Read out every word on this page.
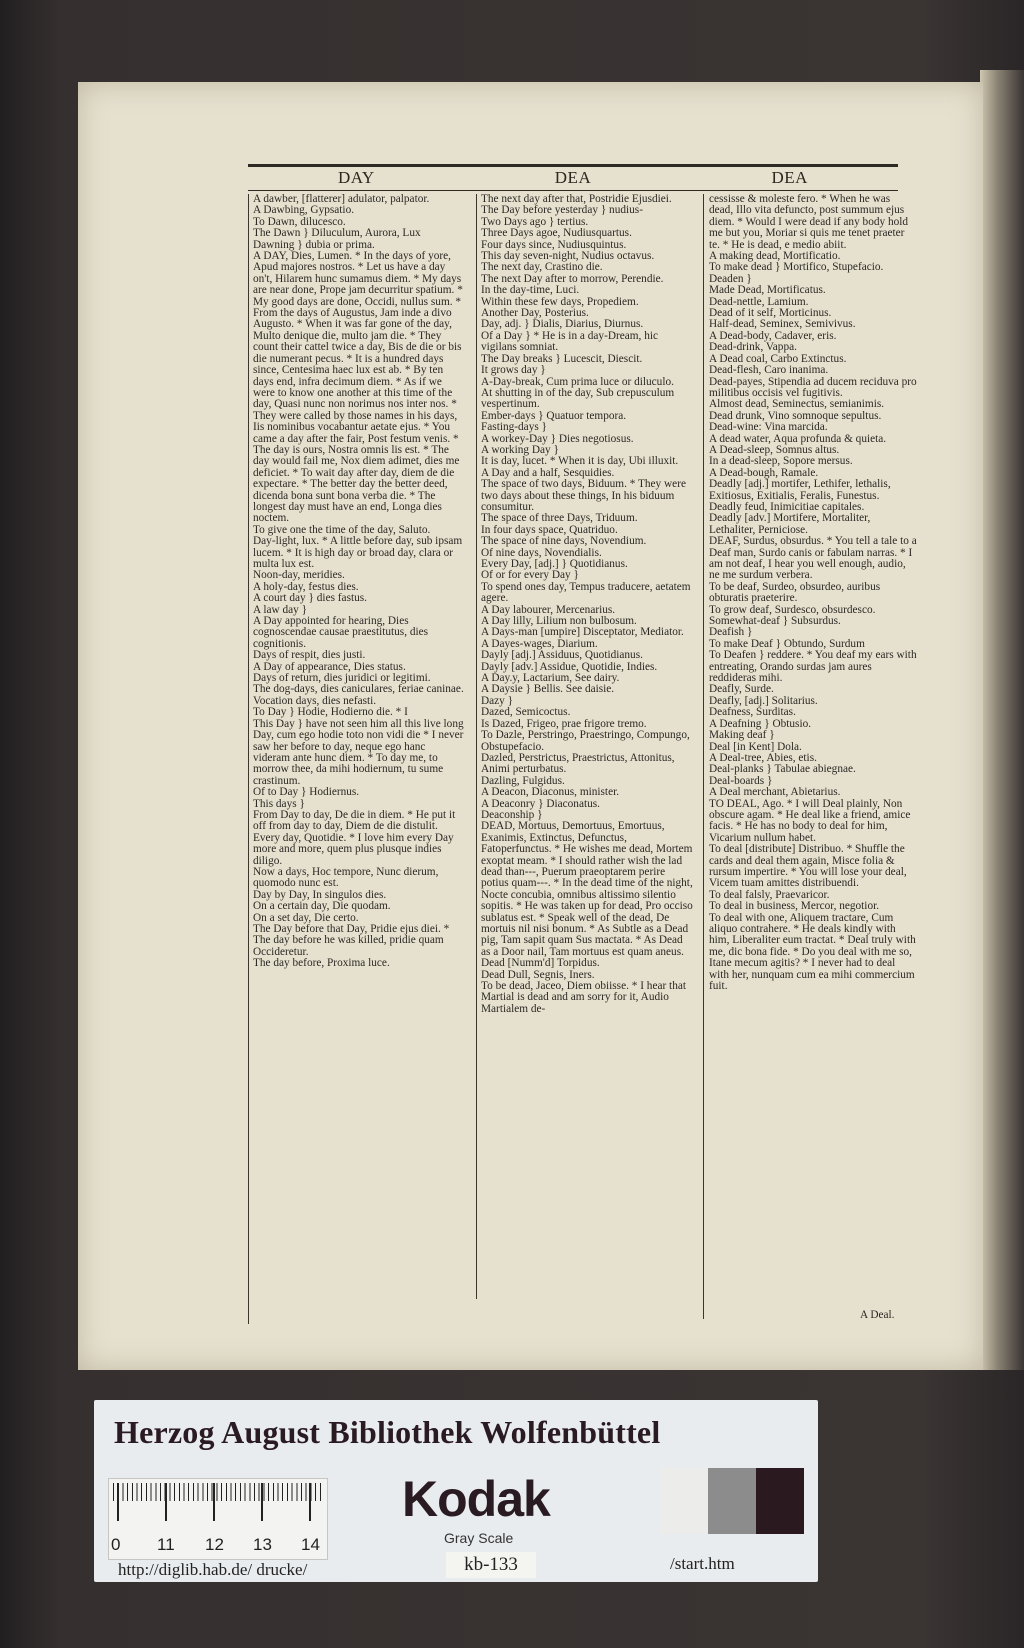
DAY	DEA	DEA

A dawber, [flatterer] adulator, palpator.

A Dawbing, Gypsatio.

To Dawn, dilucesco.

The Dawn } Diluculum, Aurora, Lux

Dawning } dubia or prima.

A DAY, Dies, Lumen. * In the days of yore, Apud majores nostros. * Let us have a day on't, Hilarem hunc sumamus diem. * My days are near done, Prope jam decurritur spatium. * My good days are done, Occidi, nullus sum. * From the days of Augustus, Jam inde a divo Augusto. * When it was far gone of the day, Multo denique die, multo jam die. * They count their cattel twice a day, Bis de die or bis die numerant pecus. * It is a hundred days since, Centesima haec lux est ab. * By ten days end, infra decimum diem. * As if we were to know one another at this time of the day, Quasi nunc non norimus nos inter nos. * They were called by those names in his days, Iis nominibus vocabantur aetate ejus. * You came a day after the fair, Post festum venis. * The day is ours, Nostra omnis lis est. * The day would fail me, Nox diem adimet, dies me deficiet. * To wait day after day, diem de die expectare. * The better day the better deed, dicenda bona sunt bona verba die. * The longest day must have an end, Longa dies noctem.

To give one the time of the day, Saluto.

Day-light, lux. * A little before day, sub ipsam lucem. * It is high day or broad day, clara or multa lux est.

Noon-day, meridies.

A holy-day, festus dies.

A court day } dies fastus.

A law day }

A Day appointed for hearing, Dies cognoscendae causae praestitutus, dies cognitionis.

Days of respit, dies justi.

A Day of appearance, Dies status.

Days of return, dies juridici or legitimi.

The dog-days, dies caniculares, feriae caninae.

Vocation days, dies nefasti.

To Day } Hodie, Hodierno die. * I

This Day } have not seen him all this live long Day, cum ego hodie toto non vidi die * I never saw her before to day, neque ego hanc videram ante hunc diem. * To day me, to morrow thee, da mihi hodiernum, tu sume crastinum.

Of to Day } Hodiernus.

This days }

From Day to day, De die in diem. * He put it off from day to day, Diem de die distulit.

Every day, Quotidie. * I love him every Day more and more, quem plus plusque indies diligo.

Now a days, Hoc tempore, Nunc dierum, quomodo nunc est.

Day by Day, In singulos dies.

On a certain day, Die quodam.

On a set day, Die certo.

The Day before that Day, Pridie ejus diei. * The day before he was killed, pridie quam Occideretur.

The day before, Proxima luce.

The next day after that, Postridie Ejusdiei.

The Day before yesterday } nudius-

Two Days ago } tertius.

Three Days agoe, Nudiusquartus.

Four days since, Nudiusquintus.

This day seven-night, Nudius octavus.

The next day, Crastino die.

The next Day after to morrow, Perendie.

In the day-time, Luci.

Within these few days, Propediem.

Another Day, Posterius.

Day, adj. } Dialis, Diarius, Diurnus.

Of a Day } * He is in a day-Dream, hic vigilans somniat.

The Day breaks } Lucescit, Diescit.

It grows day }

A-Day-break, Cum prima luce or diluculo.

At shutting in of the day, Sub crepusculum vespertinum.

Ember-days } Quatuor tempora.

Fasting-days }

A workey-Day } Dies negotiosus.

A working Day }

It is day, lucet. * When it is day, Ubi illuxit.

A Day and a half, Sesquidies.

The space of two days, Biduum. * They were two days about these things, In his biduum consumitur.

The space of three Days, Triduum.

In four days space, Quatriduo.

The space of nine days, Novendium.

Of nine days, Novendialis.

Every Day, [adj.] } Quotidianus.

Of or for every Day }

To spend ones day, Tempus traducere, aetatem agere.

A Day labourer, Mercenarius.

A Day lilly, Lilium non bulbosum.

A Days-man [umpire] Disceptator, Mediator.

A Dayes-wages, Diarium.

Dayly [adj.] Assiduus, Quotidianus.

Dayly [adv.] Assidue, Quotidie, Indies.

A Day.y, Lactarium, See dairy.

A Daysie } Bellis. See daisie.

Dazy }

Dazed, Semicoctus.

Is Dazed, Frigeo, prae frigore tremo.

To Dazle, Perstringo, Praestringo, Compungo, Obstupefacio.

Dazled, Perstrictus, Praestrictus, Attonitus, Animi perturbatus.

Dazling, Fulgidus.

A Deacon, Diaconus, minister.

A Deaconry } Diaconatus.

Deaconship }

DEAD, Mortuus, Demortuus, Emortuus, Exanimis, Extinctus, Defunctus, Fatoperfunctus. * He wishes me dead, Mortem exoptat meam. * I should rather wish the lad dead than---, Puerum praeoptarem perire potius quam---. * In the dead time of the night, Nocte concubia, omnibus altissimo silentio sopitis. * He was taken up for dead, Pro occiso sublatus est. * Speak well of the dead, De mortuis nil nisi bonum. * As Subtle as a Dead pig, Tam sapit quam Sus mactata. * As Dead as a Door nail, Tam mortuus est quam aneus.

Dead [Numm'd] Torpidus.

Dead Dull, Segnis, Iners.

To be dead, Jaceo, Diem obiisse. * I hear that Martial is dead and am sorry for it, Audio Martialem de-

cessisse & moleste fero. * When he was dead, Illo vita defuncto, post summum ejus diem. * Would I were dead if any body hold me but you, Moriar si quis me tenet praeter te. * He is dead, e medio abiit.

A making dead, Mortificatio.

To make dead } Mortifico, Stupefacio.

Deaden }

Made Dead, Mortificatus.

Dead-nettle, Lamium.

Dead of it self, Morticinus.

Half-dead, Seminex, Semivivus.

A Dead-body, Cadaver, eris.

Dead-drink, Vappa.

A Dead coal, Carbo Extinctus.

Dead-flesh, Caro inanima.

Dead-payes, Stipendia ad ducem reciduva pro militibus occisis vel fugitivis.

Almost dead, Seminectus, semianimis.

Dead drunk, Vino somnoque sepultus.

Dead-wine: Vina marcida.

A dead water, Aqua profunda & quieta.

A Dead-sleep, Somnus altus.

In a dead-sleep, Sopore mersus.

A Dead-bough, Ramale.

Deadly [adj.] mortifer, Lethifer, lethalis, Exitiosus, Exitialis, Feralis, Funestus.

Deadly feud, Inimicitiae capitales.

Deadly [adv.] Mortifere, Mortaliter, Lethaliter, Perniciose.

DEAF, Surdus, obsurdus. * You tell a tale to a Deaf man, Surdo canis or fabulam narras. * I am not deaf, I hear you well enough, audio, ne me surdum verbera.

To be deaf, Surdeo, obsurdeo, auribus obturatis praeterire.

To grow deaf, Surdesco, obsurdesco.

Somewhat-deaf } Subsurdus.

Deafish }

To make Deaf } Obtundo, Surdum

To Deafen } reddere. * You deaf my ears with entreating, Orando surdas jam aures reddideras mihi.

Deafly, Surde.

Deafly, [adj.] Solitarius.

Deafness, Surditas.

A Deafning } Obtusio.

Making deaf }

Deal [in Kent] Dola.

A Deal-tree, Abies, etis.

Deal-planks } Tabulae abiegnae.

Deal-boards }

A Deal merchant, Abietarius.

TO DEAL, Ago. * I will Deal plainly, Non obscure agam. * He deal like a friend, amice facis. * He has no body to deal for him, Vicarium nullum habet.

To deal [distribute] Distribuo. * Shuffle the cards and deal them again, Misce folia & rursum impertire. * You will lose your deal, Vicem tuam amittes distribuendi.

To deal falsly, Praevaricor.

To deal in business, Mercor, negotior.

To deal with one, Aliquem tractare, Cum aliquo contrahere. * He deals kindly with him, Liberaliter eum tractat. * Deal truly with me, dic bona fide. * Do you deal with me so, Itane mecum agitis? * I never had to deal with her, nunquam cum ea mihi commercium fuit.

A Deal.
Herzog August Bibliothek Wolfenbüttel
0 11 12 13 14
Kodak
Gray Scale
kb-133
http://diglib.hab.de/ drucke/	/start.htm
